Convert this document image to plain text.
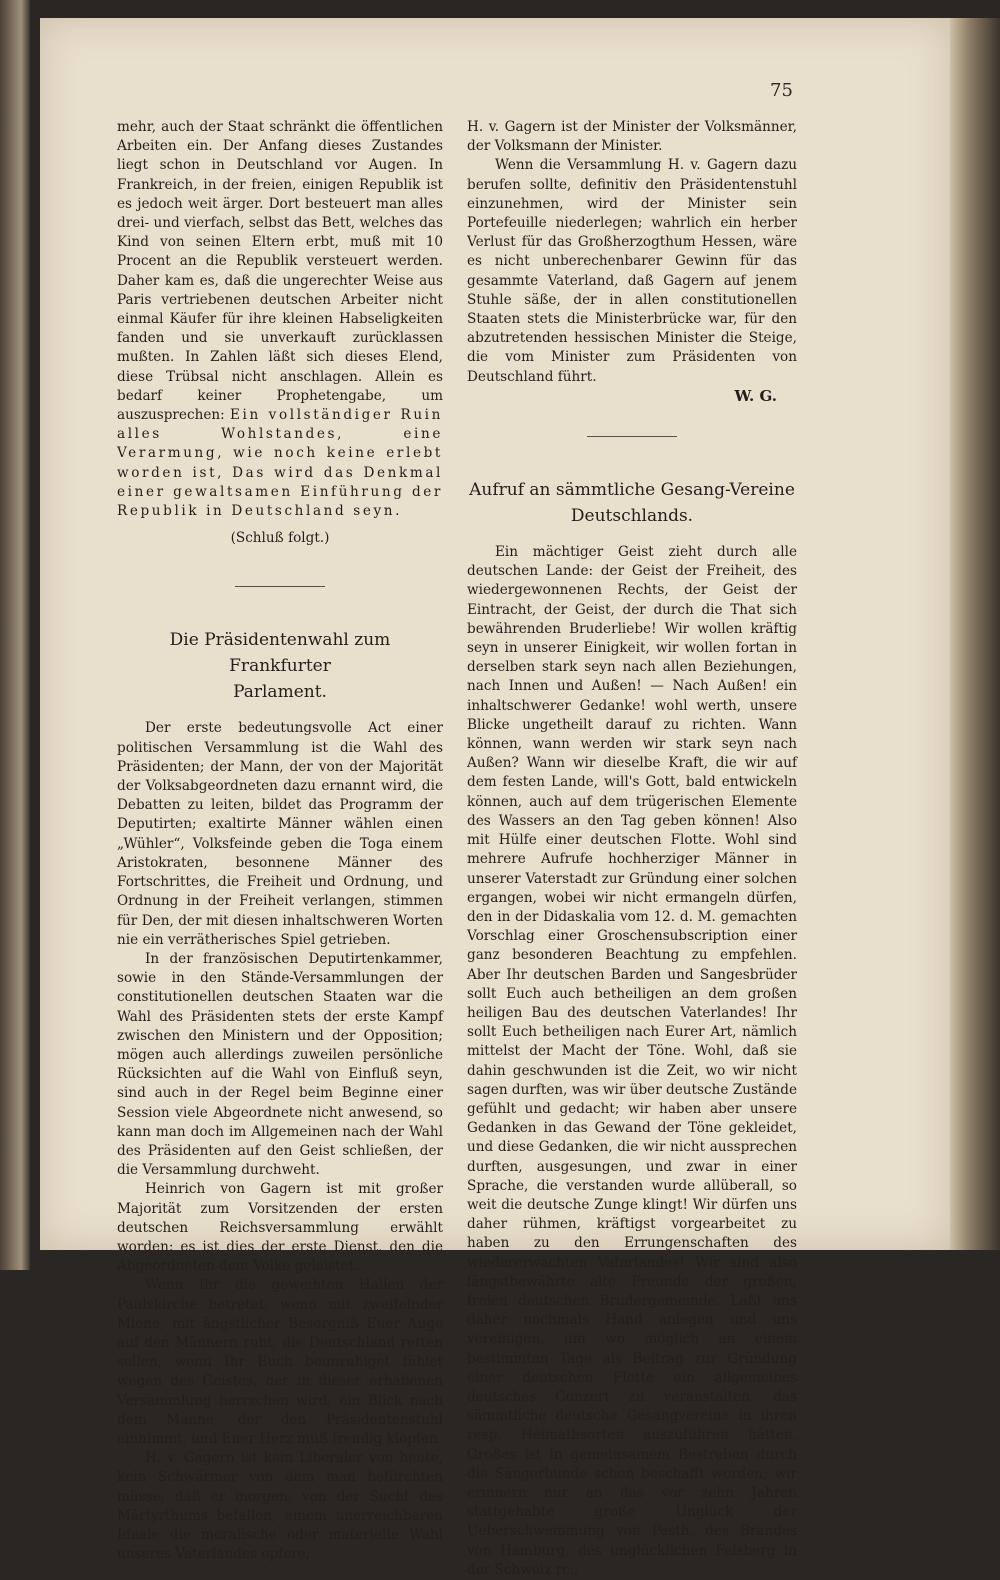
75

mehr, auch der Staat schränkt die öffentlichen Arbeiten ein. Der Anfang dieses Zustandes liegt schon in Deutschland vor Augen. In Frankreich, in der freien, einigen Republik ist es jedoch weit ärger. Dort besteuert man alles drei- und vierfach, selbst das Bett, welches das Kind von seinen Eltern erbt, muß mit 10 Procent an die Republik versteuert werden. Daher kam es, daß die ungerechter Weise aus Paris vertriebenen deutschen Arbeiter nicht einmal Käufer für ihre kleinen Habseligkeiten fanden und sie unverkauft zurücklassen mußten. In Zahlen läßt sich dieses Elend, diese Trübsal nicht anschlagen. Allein es bedarf keiner Prophetengabe, um auszusprechen: Ein vollständiger Ruin alles Wohlstandes, eine Verarmung, wie noch keine erlebt worden ist, Das wird das Denkmal einer gewaltsamen Einführung der Republik in Deutschland seyn.

(Schluß folgt.)

Die Präsidentenwahl zum Frankfurter
Parlament.

Der erste bedeutungsvolle Act einer politischen Versammlung ist die Wahl des Präsidenten; der Mann, der von der Majorität der Volksabgeordneten dazu ernannt wird, die Debatten zu leiten, bildet das Programm der Deputirten; exaltirte Männer wählen einen „Wühler“, Volksfeinde geben die Toga einem Aristokraten, besonnene Männer des Fortschrittes, die Freiheit und Ordnung, und Ordnung in der Freiheit verlangen, stimmen für Den, der mit diesen inhaltschweren Worten nie ein verrätherisches Spiel getrieben.

In der französischen Deputirtenkammer, sowie in den Stände-Versammlungen der constitutionellen deutschen Staaten war die Wahl des Präsidenten stets der erste Kampf zwischen den Ministern und der Opposition; mögen auch allerdings zuweilen persönliche Rücksichten auf die Wahl von Einfluß seyn, sind auch in der Regel beim Beginne einer Session viele Abgeordnete nicht anwesend, so kann man doch im Allgemeinen nach der Wahl des Präsidenten auf den Geist schließen, der die Versammlung durchweht.

Heinrich von Gagern ist mit großer Majorität zum Vorsitzenden der ersten deutschen Reichsversammlung erwählt worden: es ist dies der erste Dienst, den die Abgeordneten dem Volke geleistet.

Wenn Ihr die geweihten Hallen der Paulskirche betretet, wenn mit zweifelnder Miene, mit ängstlicher Besorgniß Euer Auge auf den Männern ruht, die Deutschland retten sollen, wenn Ihr Euch beunruhiget fühlet wegen des Geistes, der in dieser erhabenen Versammlung herrschen wird; ein Blick nach dem Manne, der den Präsidentenstuhl einnimmt, und Euer Herz muß freudig klopfen.

H. v. Gagern ist kein Liberaler von heute, kein Schwärmer von dem man befürchten müsse, daß er morgen, von der Sucht des Märtyrthums befallen, einem unerreichbaren Ideale die moralische oder materielle Wahl unseres Vaterlandes opfere;

H. v. Gagern ist der Minister der Volksmänner, der Volksmann der Minister.

Wenn die Versammlung H. v. Gagern dazu berufen sollte, definitiv den Präsidentenstuhl einzunehmen, wird der Minister sein Portefeuille niederlegen; wahrlich ein herber Verlust für das Großherzogthum Hessen, wäre es nicht unberechenbarer Gewinn für das gesammte Vaterland, daß Gagern auf jenem Stuhle säße, der in allen constitutionellen Staaten stets die Ministerbrücke war, für den abzutretenden hessischen Minister die Steige, die vom Minister zum Präsidenten von Deutschland führt.

W. G.
Aufruf an sämmtliche Gesang-Vereine
Deutschlands.

Ein mächtiger Geist zieht durch alle deutschen Lande: der Geist der Freiheit, des wiedergewonnenen Rechts, der Geist der Eintracht, der Geist, der durch die That sich bewährenden Bruderliebe! Wir wollen kräftig seyn in unserer Einigkeit, wir wollen fortan in derselben stark seyn nach allen Beziehungen, nach Innen und Außen! — Nach Außen! ein inhaltschwerer Gedanke! wohl werth, unsere Blicke ungetheilt darauf zu richten. Wann können, wann werden wir stark seyn nach Außen? Wann wir dieselbe Kraft, die wir auf dem festen Lande, will's Gott, bald entwickeln können, auch auf dem trügerischen Elemente des Wassers an den Tag geben können! Also mit Hülfe einer deutschen Flotte. Wohl sind mehrere Aufrufe hochherziger Männer in unserer Vaterstadt zur Gründung einer solchen ergangen, wobei wir nicht ermangeln dürfen, den in der Didaskalia vom 12. d. M. gemachten Vorschlag einer Groschensubscription einer ganz besonderen Beachtung zu empfehlen. Aber Ihr deutschen Barden und Sangesbrüder sollt Euch auch betheiligen an dem großen heiligen Bau des deutschen Vaterlandes! Ihr sollt Euch betheiligen nach Eurer Art, nämlich mittelst der Macht der Töne. Wohl, daß sie dahin geschwunden ist die Zeit, wo wir nicht sagen durften, was wir über deutsche Zustände gefühlt und gedacht; wir haben aber unsere Gedanken in das Gewand der Töne gekleidet, und diese Gedanken, die wir nicht aussprechen durften, ausgesungen, und zwar in einer Sprache, die verstanden wurde allüberall, so weit die deutsche Zunge klingt! Wir dürfen uns daher rühmen, kräftigst vorgearbeitet zu haben zu den Errungenschaften des wiedererwachten Vaterlandes! Wir sind also längstbewährte alte Freunde der großen, freien deutschen Brudergemeinde. Laßt uns daher nochmals Hand anlegen und uns vereinigen, um wo möglich an einem bestimmten Tage als Beitrag zur Gründung einer deutschen Flotte ein allgemeines deutsches Conzert zu veranstalten, das sämmtliche deutsche Gesangvereine in ihren resp. Heimathsorten auszuführen hätten. Großes ist in gemeinsamem Bestreben durch die Sängerbunde schon beschafft worden; wir erinnern nur an das vor zehn Jahren stattgehabte große Unglück der Ueberschwemmung von Pesth, des Brandes von Hamburg, des unglücklichen Felsberg in der Schweiz rc.,
